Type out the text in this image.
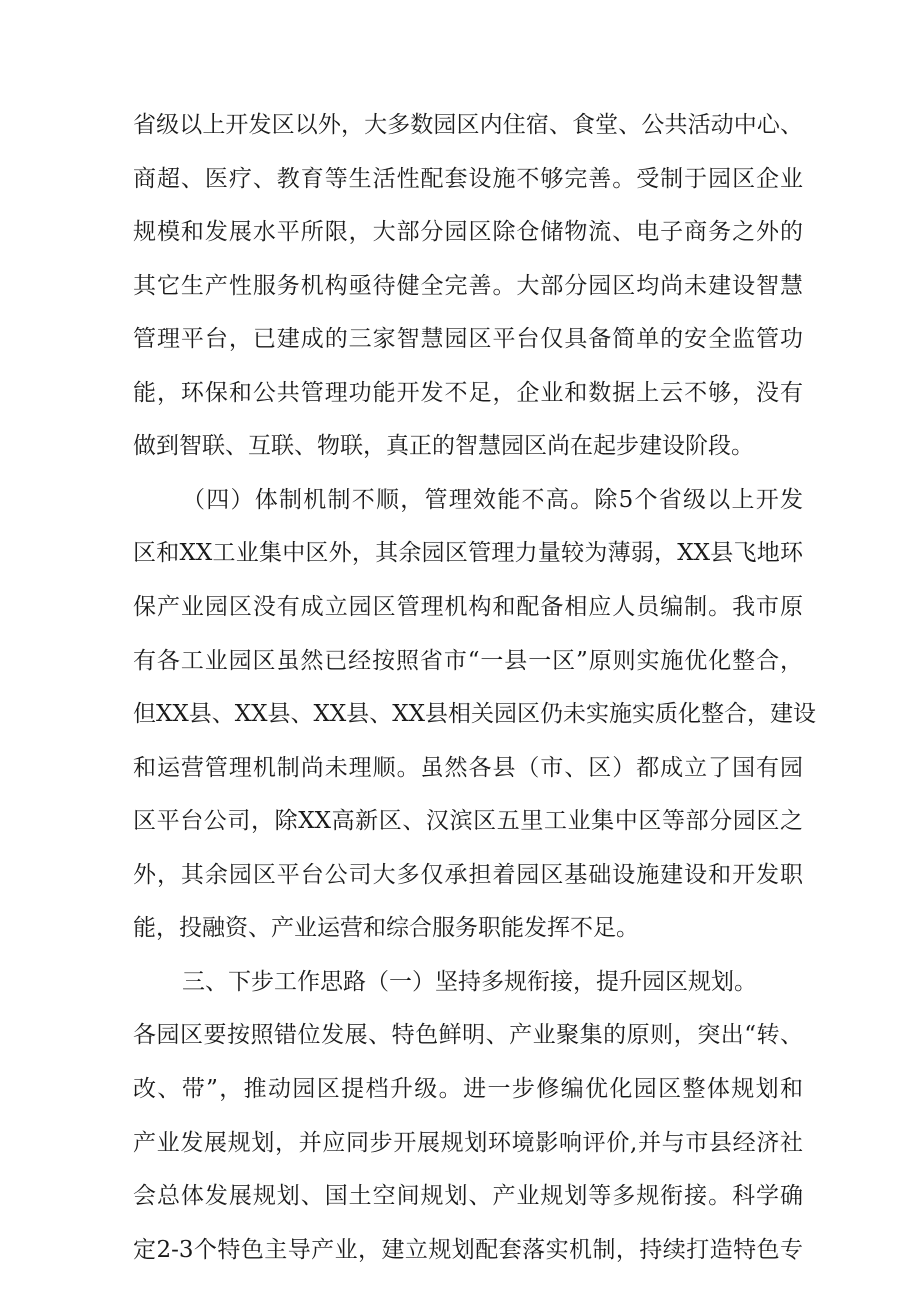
省级以上开发区以外，大多数园区内住宿、食堂、公共活动中心、
商超、医疗、教育等生活性配套设施不够完善。受制于园区企业
规模和发展水平所限，大部分园区除仓储物流、电子商务之外的
其它生产性服务机构亟待健全完善。大部分园区均尚未建设智慧
管理平台，已建成的三家智慧园区平台仅具备简单的安全监管功
能，环保和公共管理功能开发不足，企业和数据上云不够，没有
做到智联、互联、物联，真正的智慧园区尚在起步建设阶段。
（四）体制机制不顺，管理效能不高。除5个省级以上开发
区和XX工业集中区外，其余园区管理力量较为薄弱，XX县飞地环
保产业园区没有成立园区管理机构和配备相应人员编制。我市原
有各工业园区虽然已经按照省市“一县一区”原则实施优化整合，
但XX县、XX县、XX县、XX县相关园区仍未实施实质化整合，建设
和运营管理机制尚未理顺。虽然各县（市、区）都成立了国有园
区平台公司，除XX高新区、汉滨区五里工业集中区等部分园区之
外，其余园区平台公司大多仅承担着园区基础设施建设和开发职
能，投融资、产业运营和综合服务职能发挥不足。
三、下步工作思路（一）坚持多规衔接，提升园区规划。
各园区要按照错位发展、特色鲜明、产业聚集的原则，突出“转、
改、带”，推动园区提档升级。进一步修编优化园区整体规划和
产业发展规划，并应同步开展规划环境影响评价,并与市县经济社
会总体发展规划、国土空间规划、产业规划等多规衔接。科学确
定2-3个特色主导产业，建立规划配套落实机制，持续打造特色专
